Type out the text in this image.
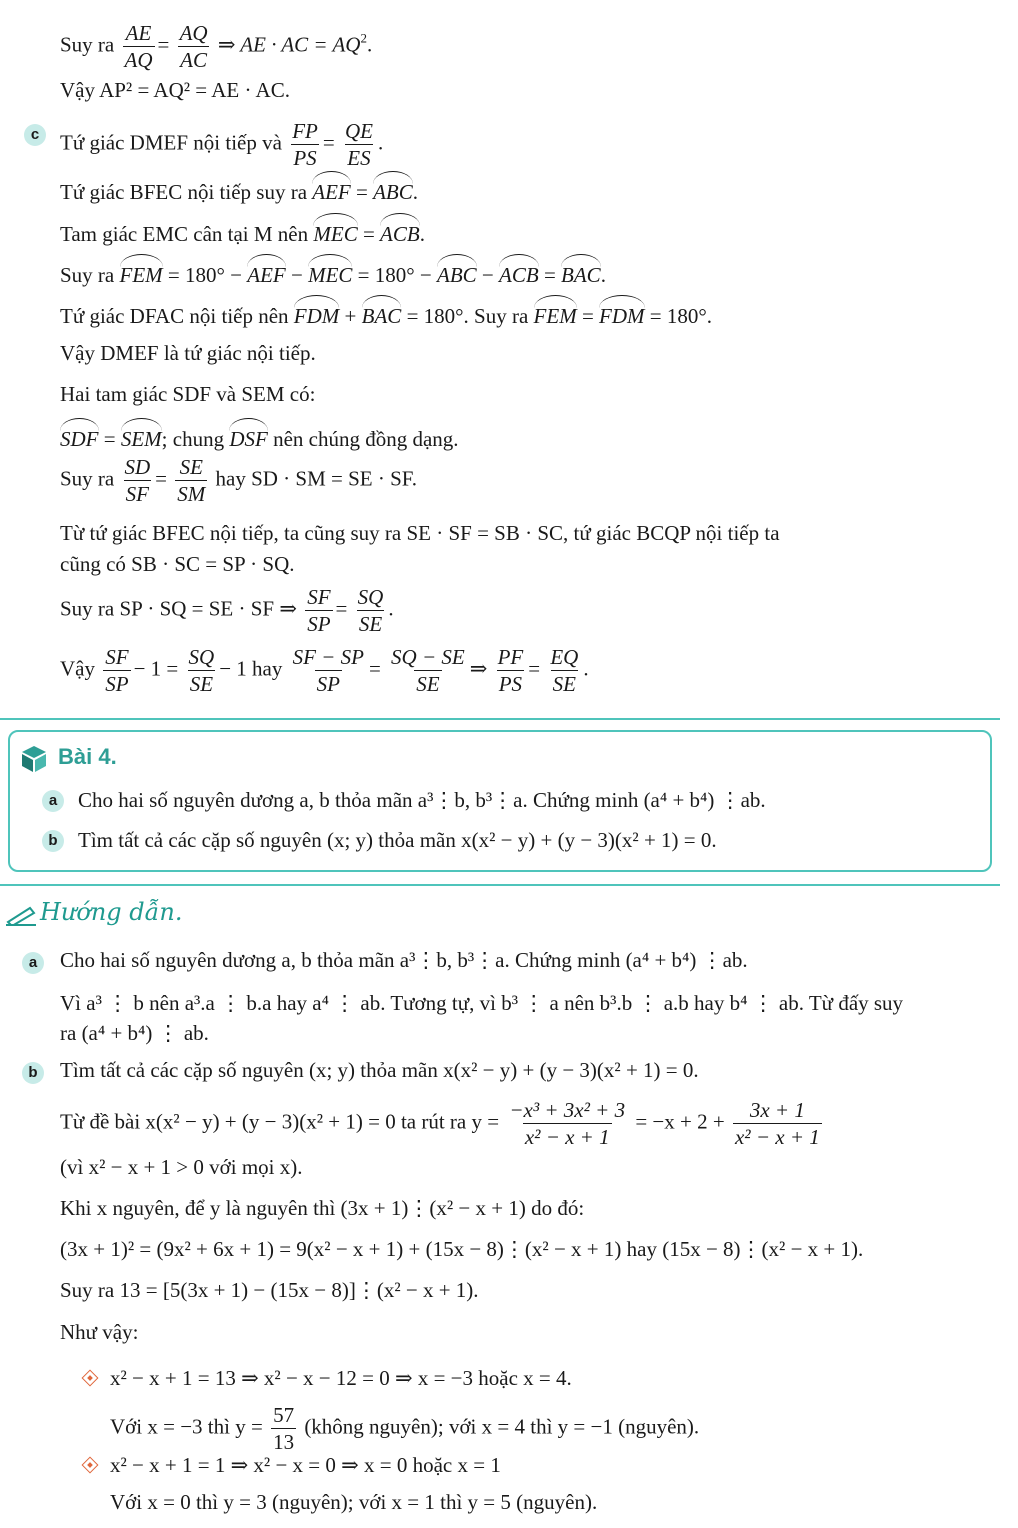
Suy ra $\frac{AE}{AQ} = \frac{AQ}{AC}$ ⇒ AE · AC = $AQ^2$.
Vậy AP² = AQ² = AE · AC.
c Tứ giác DMEF nội tiếp và $\frac{FP}{PS} = \frac{QE}{ES}$ .
Tứ giác BFEC nội tiếp suy ra AEF = ABC.
Tam giác EMC cân tại M nên MEC = ACB.
Suy ra FEM = 180° − AEF − MEC = 180° − ABC − ACB = BAC.
Tứ giác DFAC nội tiếp nên FDM + BAC = 180°. Suy ra FEM = FDM = 180°.
Vậy DMEF là tứ giác nội tiếp.
Hai tam giác SDF và SEM có:
SDF = SEM; chung DSF nên chúng đồng dạng.
Suy ra $\frac{SD}{SF} = \frac{SE}{SM}$ hay SD · SM = SE · SF.
Từ tứ giác BFEC nội tiếp, ta cũng suy ra SE · SF = SB · SC, tứ giác BCQP nội tiếp ta
cũng có SB · SC = SP · SQ.
Suy ra SP · SQ = SE · SF ⇒ $\frac{SF}{SP} = \frac{SQ}{SE}$ .
Vậy $\frac{SF}{SP} - 1 = \frac{SQ}{SE} - 1$ hay $\frac{SF - SP}{SP} = \frac{SQ - SE}{SE}$ ⇒ $\frac{PF}{PS} = \frac{EQ}{SE}$ .
Bài 4.
a Cho hai số nguyên dương a, b thỏa mãn a³⋮b, b³⋮a. Chứng minh (a⁴ + b⁴) ⋮ab.
b Tìm tất cả các cặp số nguyên (x; y) thỏa mãn x(x² − y) + (y − 3)(x² + 1) = 0.
Hướng dẫn.
a	Cho hai số nguyên dương a, b thỏa mãn a³⋮b, b³⋮a. Chứng minh (a⁴ + b⁴) ⋮ab.
Vì a³ ⋮ b nên a³.a ⋮ b.a hay a⁴ ⋮ ab. Tương tự, vì b³ ⋮ a nên b³.b ⋮ a.b hay b⁴ ⋮ ab. Từ đấy suy
ra (a⁴ + b⁴) ⋮ ab.
b	Tìm tất cả các cặp số nguyên (x; y) thỏa mãn x(x² − y) + (y − 3)(x² + 1) = 0.
Từ đề bài x(x² − y) + (y − 3)(x² + 1) = 0 ta rút ra $y = \frac{\text{−x³ + 3x² + 3}}{\text{x² − x + 1}} = -x + 2 + \frac{3x + 1}{\text{x² − x + 1}}$
(vì x² − x + 1 > 0 với mọi x).
Khi x nguyên, để y là nguyên thì (3x + 1)⋮(x² − x + 1) do đó:
(3x + 1)² = (9x² + 6x + 1) = 9(x² − x + 1) + (15x − 8)⋮(x² − x + 1) hay (15x − 8)⋮(x² − x + 1).
Suy ra 13 = [5(3x + 1) − (15x − 8)]⋮(x² − x + 1).
Như vậy:
x² − x + 1 = 13 ⇒ x² − x − 12 = 0 ⇒ x = −3 hoặc x = 4.
Với x = −3 thì $y = \frac{57}{13}$ (không nguyên); với x = 4 thì y = −1 (nguyên).
x² − x + 1 = 1 ⇒ x² − x = 0 ⇒ x = 0 hoặc x = 1
Với x = 0 thì y = 3 (nguyên); với x = 1 thì y = 5 (nguyên).
